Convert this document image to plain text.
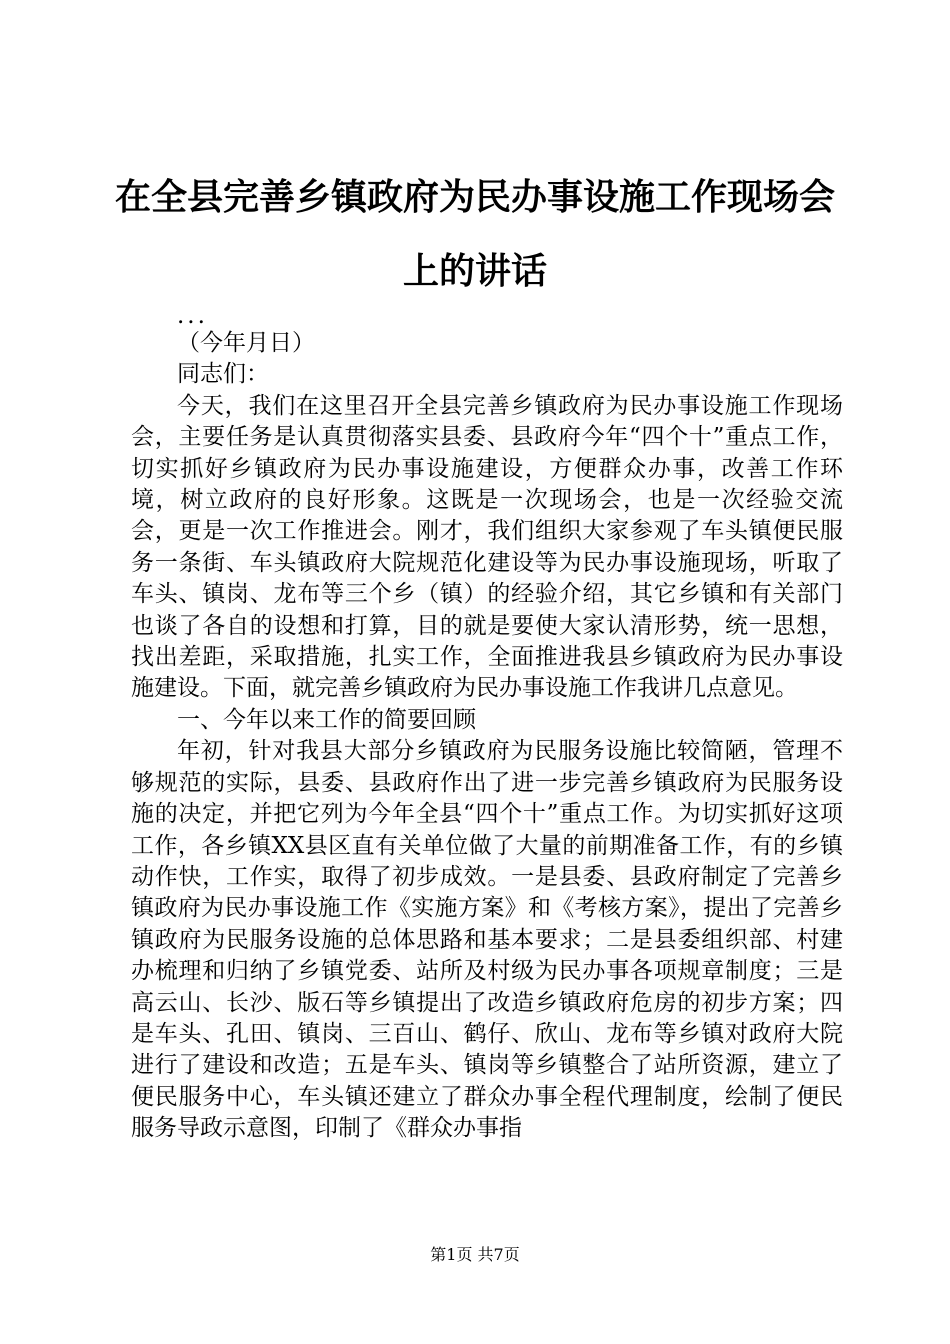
在全县完善乡镇政府为民办事设施工作现场会上的讲话

...

（今年月日）

同志们：

今天，我们在这里召开全县完善乡镇政府为民办事设施工作现场会，主要任务是认真贯彻落实县委、县政府今年“四个十”重点工作，切实抓好乡镇政府为民办事设施建设，方便群众办事，改善工作环境，树立政府的良好形象。这既是一次现场会，也是一次经验交流会，更是一次工作推进会。刚才，我们组织大家参观了车头镇便民服务一条街、车头镇政府大院规范化建设等为民办事设施现场，听取了车头、镇岗、龙布等三个乡（镇）的经验介绍，其它乡镇和有关部门也谈了各自的设想和打算，目的就是要使大家认清形势，统一思想，找出差距，采取措施，扎实工作，全面推进我县乡镇政府为民办事设施建设。下面，就完善乡镇政府为民办事设施工作我讲几点意见。

一、今年以来工作的简要回顾

年初，针对我县大部分乡镇政府为民服务设施比较简陋，管理不够规范的实际，县委、县政府作出了进一步完善乡镇政府为民服务设施的决定，并把它列为今年全县“四个十”重点工作。为切实抓好这项工作，各乡镇XX县区直有关单位做了大量的前期准备工作，有的乡镇动作快，工作实，取得了初步成效。一是县委、县政府制定了完善乡镇政府为民办事设施工作《实施方案》和《考核方案》，提出了完善乡镇政府为民服务设施的总体思路和基本要求；二是县委组织部、村建办梳理和归纳了乡镇党委、站所及村级为民办事各项规章制度；三是高云山、长沙、版石等乡镇提出了改造乡镇政府危房的初步方案；四是车头、孔田、镇岗、三百山、鹤仔、欣山、龙布等乡镇对政府大院进行了建设和改造；五是车头、镇岗等乡镇整合了站所资源，建立了便民服务中心，车头镇还建立了群众办事全程代理制度，绘制了便民服务导政示意图，印制了《群众办事指

第1页 共7页
